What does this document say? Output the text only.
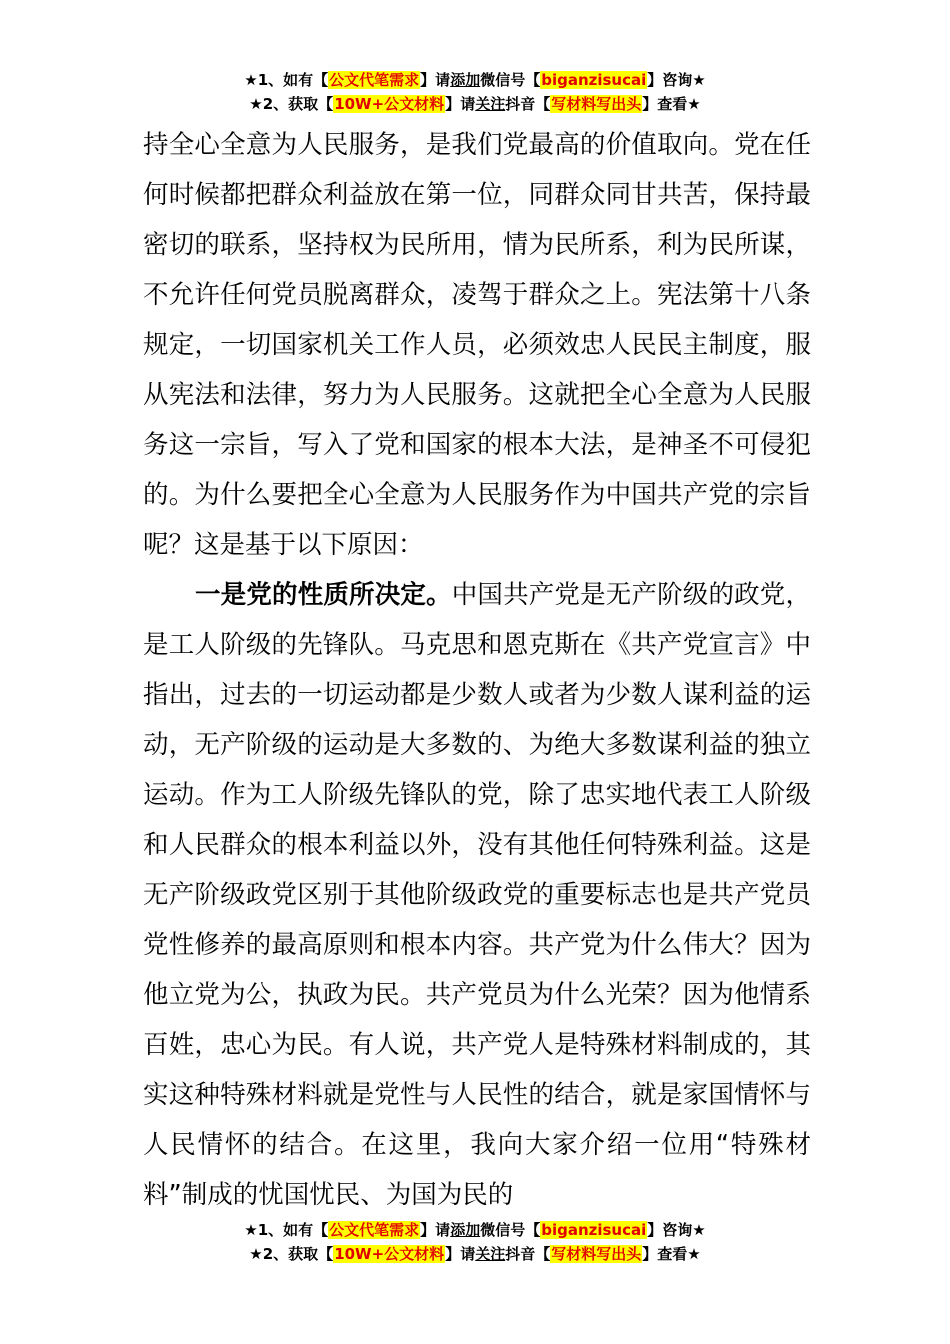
★1、如有【公文代笔需求】请添加微信号【biganzisucai】咨询★
★2、获取【10W+公文材料】请关注抖音【写材料写出头】查看★

持全心全意为人民服务，是我们党最高的价值取向。党在任何时候都把群众利益放在第一位，同群众同甘共苦，保持最密切的联系，坚持权为民所用，情为民所系，利为民所谋，不允许任何党员脱离群众，凌驾于群众之上。宪法第十八条规定，一切国家机关工作人员，必须效忠人民民主制度，服从宪法和法律，努力为人民服务。这就把全心全意为人民服务这一宗旨，写入了党和国家的根本大法，是神圣不可侵犯的。为什么要把全心全意为人民服务作为中国共产党的宗旨呢？这是基于以下原因：

一是党的性质所决定。中国共产党是无产阶级的政党，是工人阶级的先锋队。马克思和恩克斯在《共产党宣言》中指出，过去的一切运动都是少数人或者为少数人谋利益的运动，无产阶级的运动是大多数的、为绝大多数谋利益的独立运动。作为工人阶级先锋队的党，除了忠实地代表工人阶级和人民群众的根本利益以外，没有其他任何特殊利益。这是无产阶级政党区别于其他阶级政党的重要标志也是共产党员党性修养的最高原则和根本内容。共产党为什么伟大？因为他立党为公，执政为民。共产党员为什么光荣？因为他情系百姓，忠心为民。有人说，共产党人是特殊材料制成的，其实这种特殊材料就是党性与人民性的结合，就是家国情怀与人民情怀的结合。在这里，我向大家介绍一位用“特殊材料”制成的忧国忧民、为国为民的

★1、如有【公文代笔需求】请添加微信号【biganzisucai】咨询★
★2、获取【10W+公文材料】请关注抖音【写材料写出头】查看★
